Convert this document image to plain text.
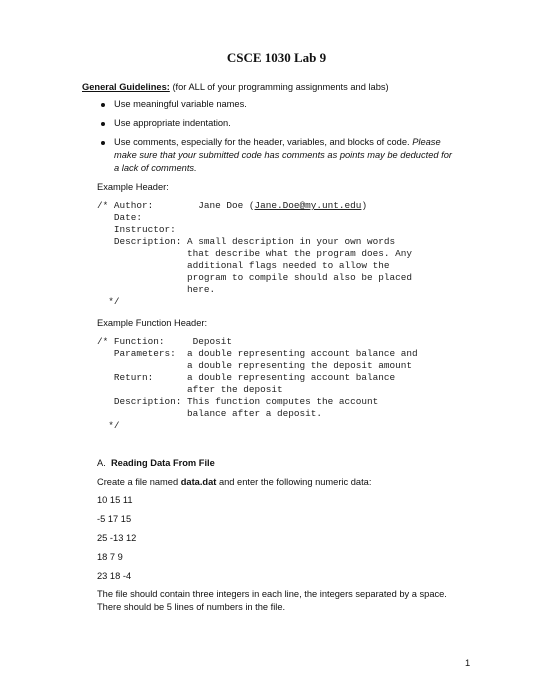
CSCE 1030 Lab 9
General Guidelines: (for ALL of your programming assignments and labs)
Use meaningful variable names.
Use appropriate indentation.
Use comments, especially for the header, variables, and blocks of code. Please
make sure that your submitted code has comments as points may be deducted for
a lack of comments.
Example Header:
/* Author:        Jane Doe (Jane.Doe@my.unt.edu)
Date:
Instructor:
Description: A small description in your own words
that describe what the program does. Any
additional flags needed to allow the
program to compile should also be placed
here.
*/
Example Function Header:
/* Function:     Deposit
Parameters:  a double representing account balance and
a double representing the deposit amount
Return:      a double representing account balance
after the deposit
Description: This function computes the account
balance after a deposit.
*/
A. Reading Data From File
Create a file named data.dat and enter the following numeric data:
10 15 11
-5 17 15
25 -13 12
18 7 9
23 18 -4
The file should contain three integers in each line, the integers separated by a space.
There should be 5 lines of numbers in the file.
1
